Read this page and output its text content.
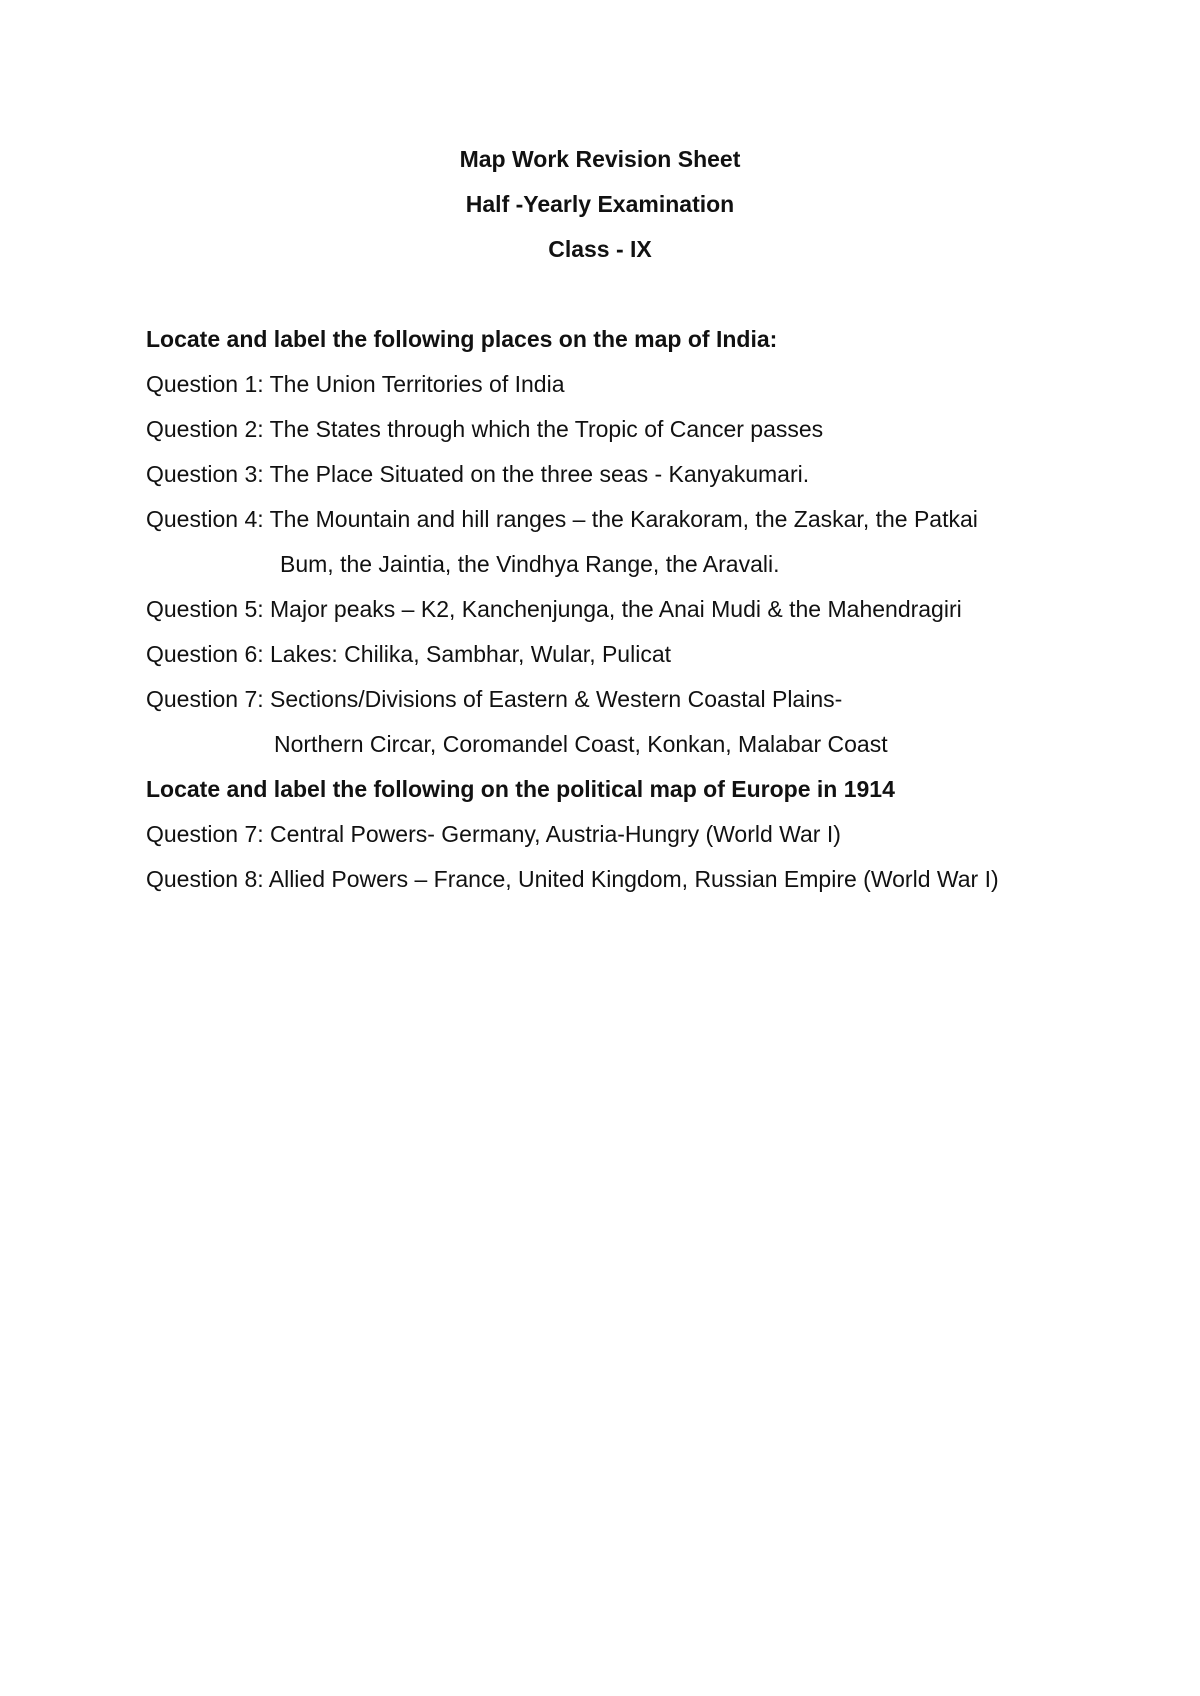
Map Work Revision Sheet

Half -Yearly Examination

Class - IX

Locate and label the following places on the map of India:

Question 1: The Union Territories of India

Question 2: The States through which the Tropic of Cancer passes

Question 3: The Place Situated on the three seas - Kanyakumari.

Question 4: The Mountain and hill ranges – the Karakoram, the Zaskar, the Patkai

Bum, the Jaintia, the Vindhya Range, the Aravali.

Question 5: Major peaks – K2, Kanchenjunga, the Anai Mudi & the Mahendragiri

Question 6: Lakes: Chilika, Sambhar, Wular, Pulicat

Question 7: Sections/Divisions of Eastern & Western Coastal Plains-

Northern Circar, Coromandel Coast, Konkan, Malabar Coast

Locate and label the following on the political map of Europe in 1914

Question 7: Central Powers- Germany, Austria-Hungry (World War I)

Question 8: Allied Powers – France, United Kingdom, Russian Empire (World War I)
